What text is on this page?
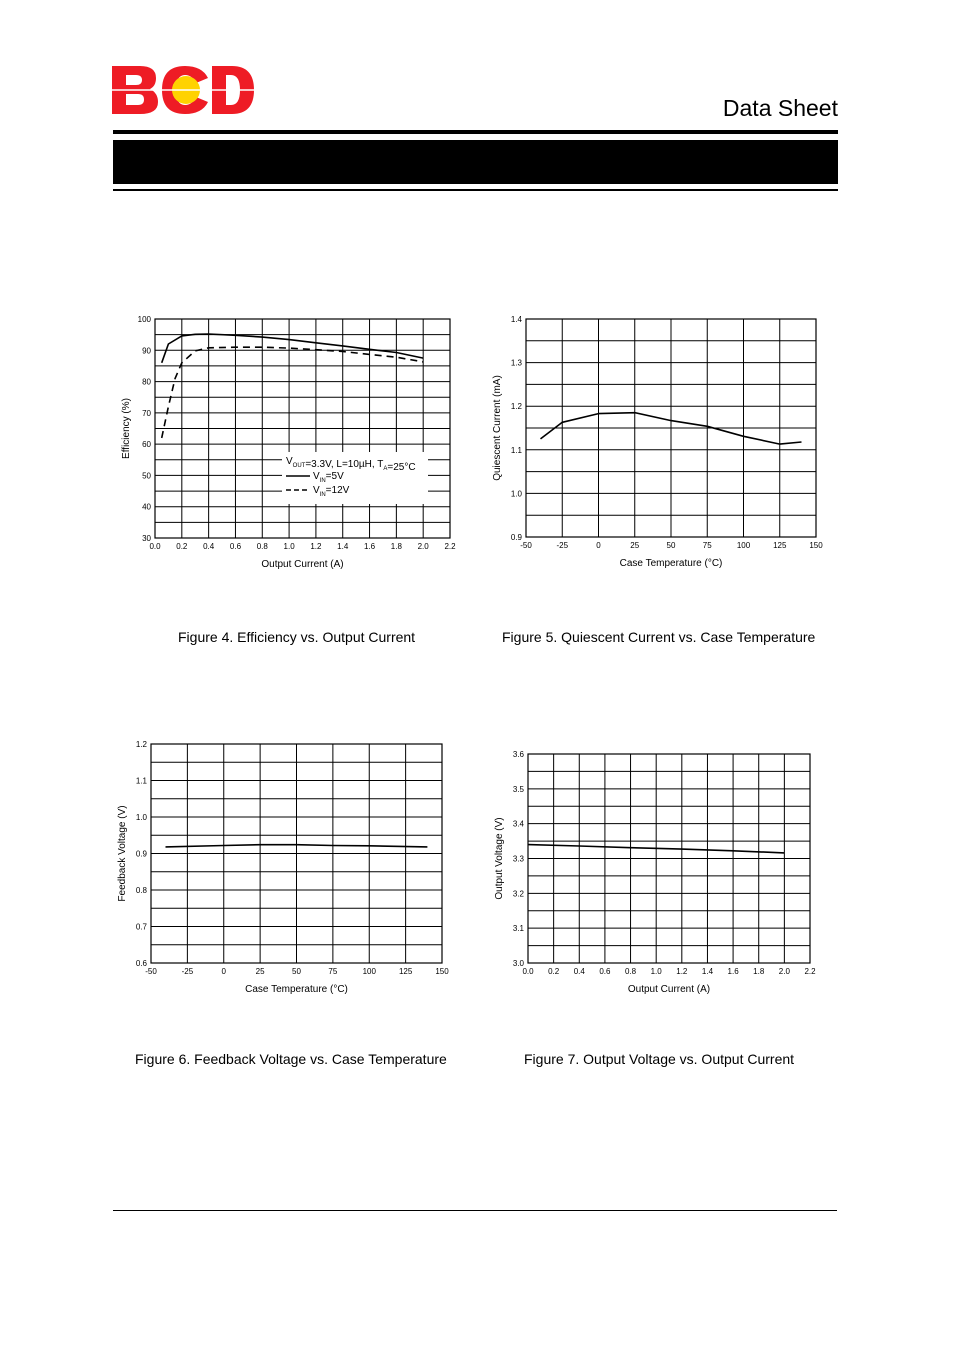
Data Sheet
0.0 0.2 0.4 0.6 0.8 1.0 1.2 1.4 1.6 1.8 2.0 2.2
30
40
50
60
70
80
90
100
Output Current (A)
Efficiency (%)
$V_{OUT}=3.3V$, L=10µH, $T_A=25^\circ C$
$V_{IN}=5V$
$V_{IN}=12V$
-50	-25	0	25	50	75	100	125	150
0.9
1.0
1.1
1.2
1.3
1.4
Case Temperature (°C)
Quiescent Current (mA)
-50	-25	0	25	50	75	100	125	150
0.6
0.7
0.8
0.9
1.0
1.1
1.2
Case Temperature (°C)
Feedback Voltage (V)
0.0 0.2 0.4 0.6 0.8 1.0 1.2 1.4 1.6 1.8 2.0 2.2
3.0
3.1
3.2
3.3
3.4
3.5
3.6
Output Current (A)
Output Voltage (V)
Figure 4. Efficiency vs. Output Current	Figure 5. Quiescent Current vs. Case Temperature
Figure 6. Feedback Voltage vs. Case Temperature	Figure 7. Output Voltage vs. Output Current
